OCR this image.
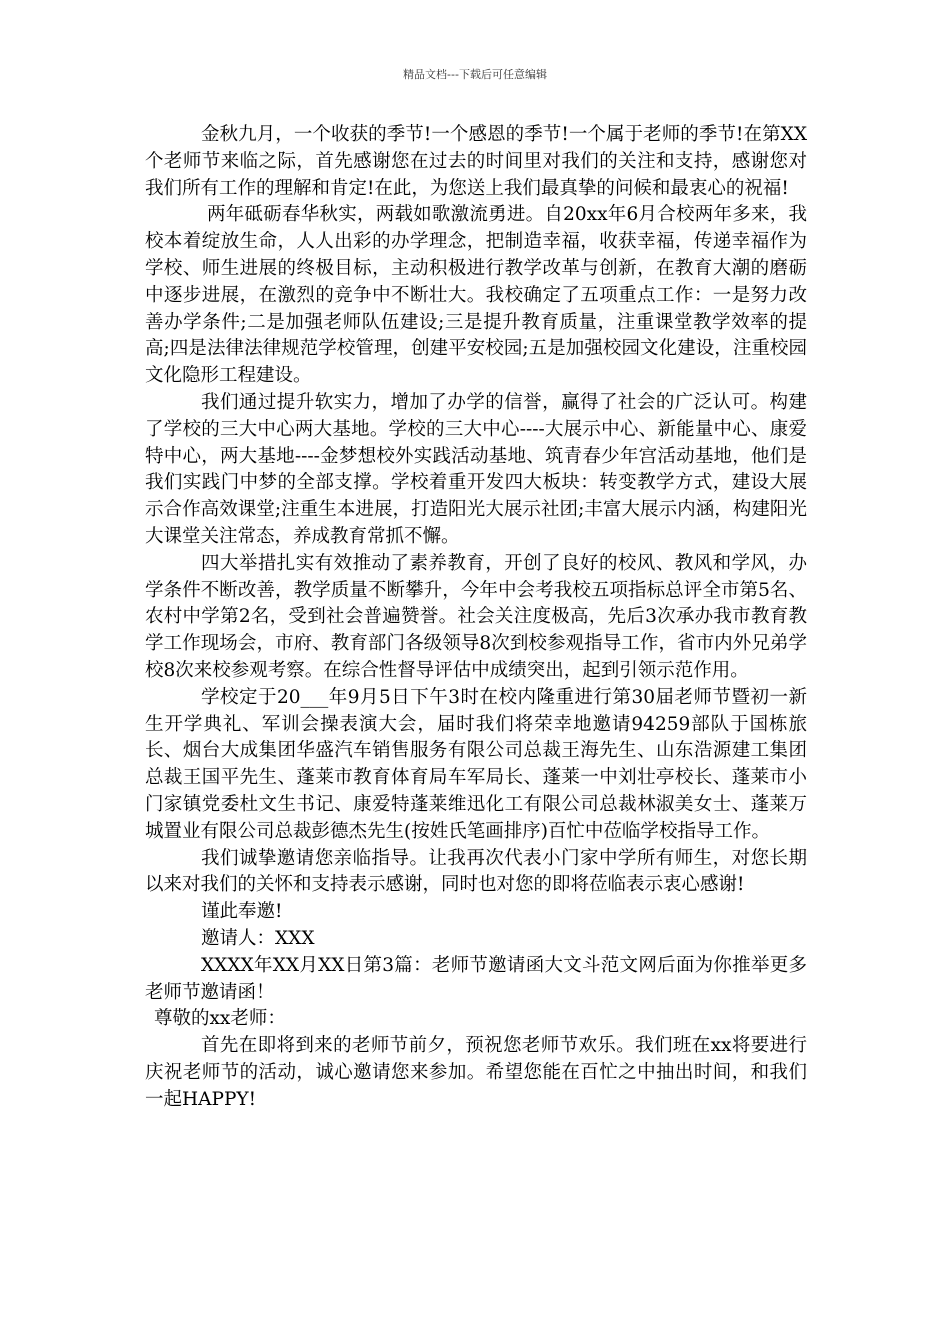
精品文档---下载后可任意编辑

金秋九月，一个收获的季节!一个感恩的季节!一个属于老师的季节!在第XX个老师节来临之际，首先感谢您在过去的时间里对我们的关注和支持，感谢您对我们所有工作的理解和肯定!在此，为您送上我们最真挚的问候和最衷心的祝福!

两年砥砺春华秋实，两载如歌激流勇进。自20xx年6月合校两年多来，我校本着绽放生命，人人出彩的办学理念，把制造幸福，收获幸福，传递幸福作为学校、师生进展的终极目标，主动积极进行教学改革与创新，在教育大潮的磨砺中逐步进展，在激烈的竞争中不断壮大。我校确定了五项重点工作：一是努力改善办学条件;二是加强老师队伍建设;三是提升教育质量，注重课堂教学效率的提高;四是法律法律规范学校管理，创建平安校园;五是加强校园文化建设，注重校园文化隐形工程建设。

我们通过提升软实力，增加了办学的信誉，赢得了社会的广泛认可。构建了学校的三大中心两大基地。学校的三大中心----大展示中心、新能量中心、康爱特中心，两大基地----金梦想校外实践活动基地、筑青春少年宫活动基地，他们是我们实践门中梦的全部支撑。学校着重开发四大板块：转变教学方式，建设大展示合作高效课堂;注重生本进展，打造阳光大展示社团;丰富大展示内涵，构建阳光大课堂关注常态，养成教育常抓不懈。

四大举措扎实有效推动了素养教育，开创了良好的校风、教风和学风，办学条件不断改善，教学质量不断攀升，今年中会考我校五项指标总评全市第5名、农村中学第2名，受到社会普遍赞誉。社会关注度极高，先后3次承办我市教育教学工作现场会，市府、教育部门各级领导8次到校参观指导工作，省市内外兄弟学校8次来校参观考察。在综合性督导评估中成绩突出，起到引领示范作用。

学校定于20___年9月5日下午3时在校内隆重进行第30届老师节暨初一新生开学典礼、军训会操表演大会，届时我们将荣幸地邀请94259部队于国栋旅长、烟台大成集团华盛汽车销售服务有限公司总裁王海先生、山东浩源建工集团总裁王国平先生、蓬莱市教育体育局车军局长、蓬莱一中刘壮亭校长、蓬莱市小门家镇党委杜文生书记、康爱特蓬莱维迅化工有限公司总裁林淑美女士、蓬莱万城置业有限公司总裁彭德杰先生(按姓氏笔画排序)百忙中莅临学校指导工作。

我们诚挚邀请您亲临指导。让我再次代表小门家中学所有师生，对您长期以来对我们的关怀和支持表示感谢，同时也对您的即将莅临表示衷心感谢!

谨此奉邀!

邀请人：XXX

XXXX年XX月XX日第3篇：老师节邀请函大文斗范文网后面为你推举更多老师节邀请函！

尊敬的xx老师：

首先在即将到来的老师节前夕，预祝您老师节欢乐。我们班在xx将要进行庆祝老师节的活动，诚心邀请您来参加。希望您能在百忙之中抽出时间，和我们一起HAPPY!
